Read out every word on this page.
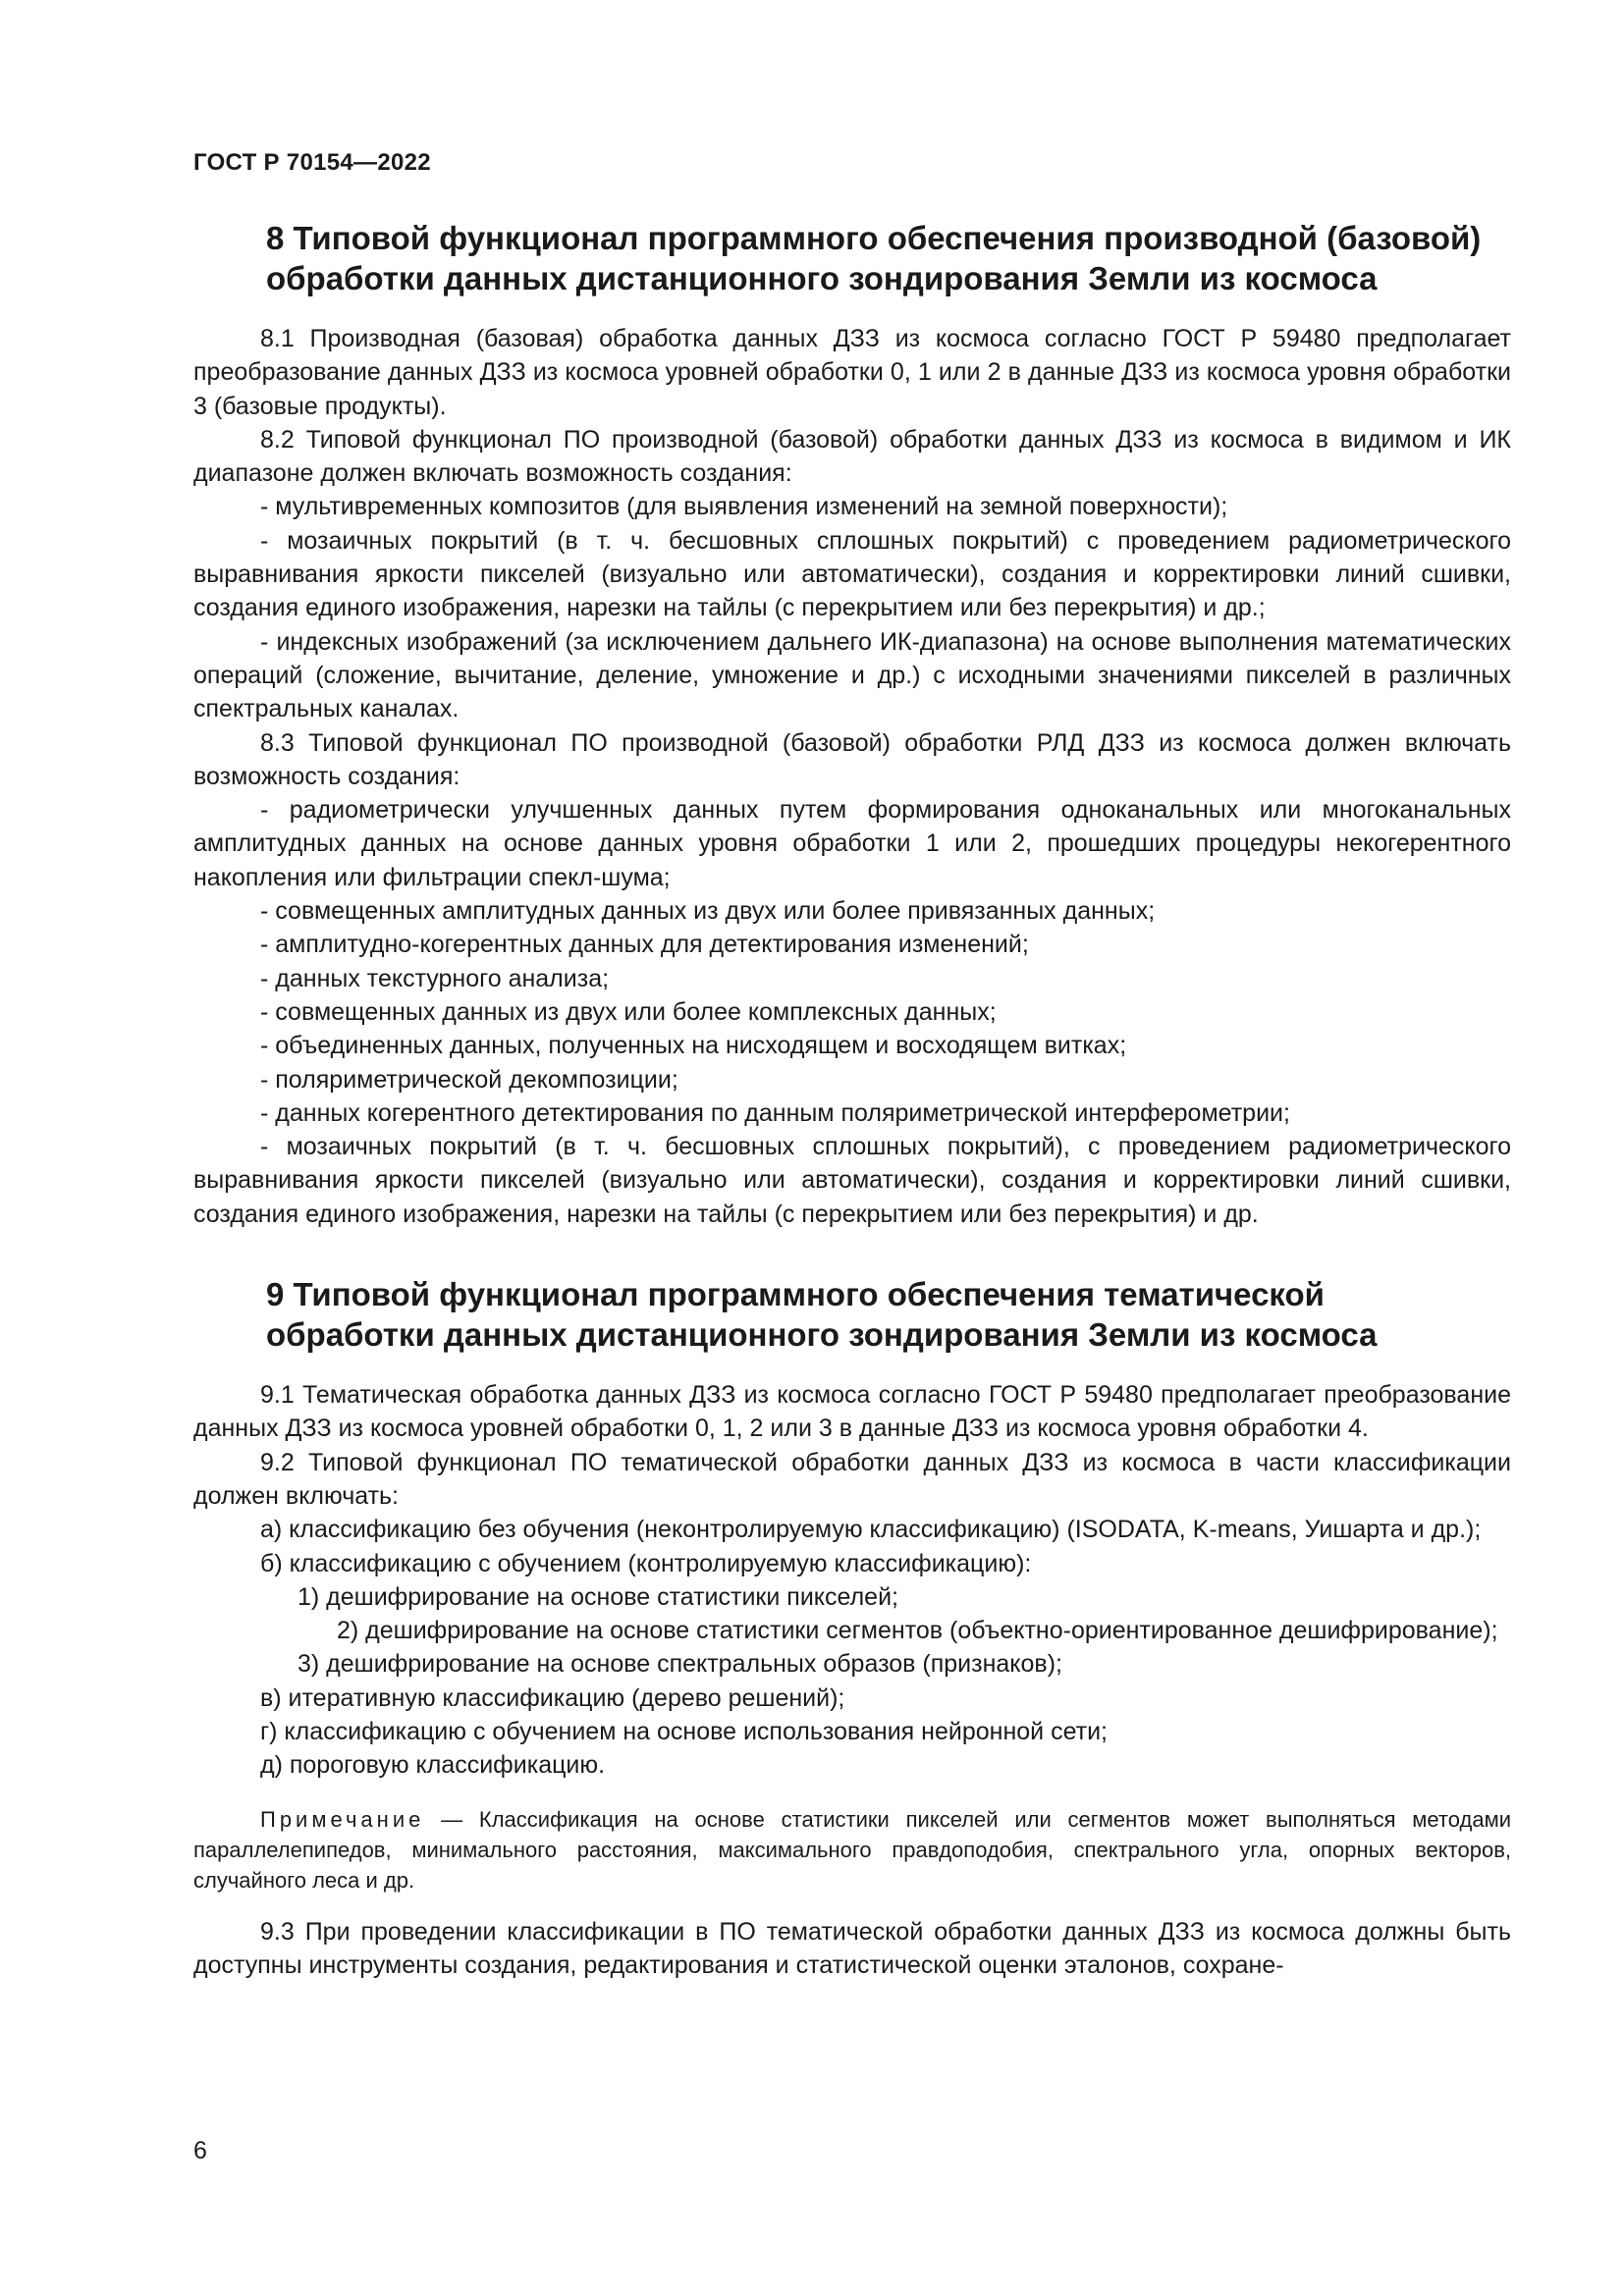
ГОСТ Р 70154—2022
8 Типовой функционал программного обеспечения производной (базовой)
обработки данных дистанционного зондирования Земли из космоса

8.1 Производная (базовая) обработка данных ДЗЗ из космоса согласно ГОСТ Р 59480 предполагает преобразование данных ДЗЗ из космоса уровней обработки 0, 1 или 2 в данные ДЗЗ из космоса уровня обработки 3 (базовые продукты).

8.2 Типовой функционал ПО производной (базовой) обработки данных ДЗЗ из космоса в видимом и ИК диапазоне должен включать возможность создания:

- мультивременных композитов (для выявления изменений на земной поверхности);

- мозаичных покрытий (в т. ч. бесшовных сплошных покрытий) с проведением радиометрического выравнивания яркости пикселей (визуально или автоматически), создания и корректировки линий сшивки, создания единого изображения, нарезки на тайлы (с перекрытием или без перекрытия) и др.;

- индексных изображений (за исключением дальнего ИК-диапазона) на основе выполнения математических операций (сложение, вычитание, деление, умножение и др.) с исходными значениями пикселей в различных спектральных каналах.

8.3 Типовой функционал ПО производной (базовой) обработки РЛД ДЗЗ из космоса должен включать возможность создания:

- радиометрически улучшенных данных путем формирования одноканальных или многоканальных амплитудных данных на основе данных уровня обработки 1 или 2, прошедших процедуры некогерентного накопления или фильтрации спекл-шума;

- совмещенных амплитудных данных из двух или более привязанных данных;

- амплитудно-когерентных данных для детектирования изменений;

- данных текстурного анализа;

- совмещенных данных из двух или более комплексных данных;

- объединенных данных, полученных на нисходящем и восходящем витках;

- поляриметрической декомпозиции;

- данных когерентного детектирования по данным поляриметрической интерферометрии;

- мозаичных покрытий (в т. ч. бесшовных сплошных покрытий), с проведением радиометрического выравнивания яркости пикселей (визуально или автоматически), создания и корректировки линий сшивки, создания единого изображения, нарезки на тайлы (с перекрытием или без перекрытия) и др.

9 Типовой функционал программного обеспечения тематической
обработки данных дистанционного зондирования Земли из космоса

9.1 Тематическая обработка данных ДЗЗ из космоса согласно ГОСТ Р 59480 предполагает преобразование данных ДЗЗ из космоса уровней обработки 0, 1, 2 или 3 в данные ДЗЗ из космоса уровня обработки 4.

9.2 Типовой функционал ПО тематической обработки данных ДЗЗ из космоса в части классификации должен включать:

а) классификацию без обучения (неконтролируемую классификацию) (ISODATA, K-means, Уишарта и др.);

б) классификацию с обучением (контролируемую классификацию):

1) дешифрирование на основе статистики пикселей;

2) дешифрирование на основе статистики сегментов (объектно-ориентированное дешифрирование);

3) дешифрирование на основе спектральных образов (признаков);

в) итеративную классификацию (дерево решений);

г) классификацию с обучением на основе использования нейронной сети;

д) пороговую классификацию.

Примечание — Классификация на основе статистики пикселей или сегментов может выполняться методами параллелепипедов, минимального расстояния, максимального правдоподобия, спектрального угла, опорных векторов, случайного леса и др.

9.3 При проведении классификации в ПО тематической обработки данных ДЗЗ из космоса должны быть доступны инструменты создания, редактирования и статистической оценки эталонов, сохране-

6
